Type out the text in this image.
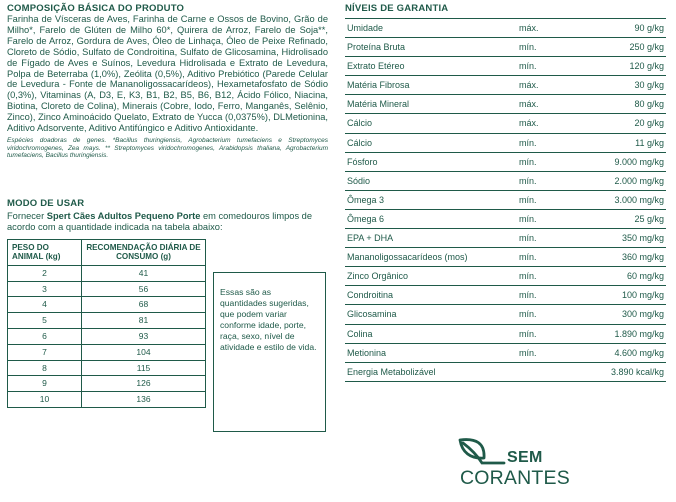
COMPOSIÇÃO BÁSICA DO PRODUTO

Farinha de Vísceras de Aves, Farinha de Carne e Ossos de Bovino, Grão de Milho*, Farelo de Glúten de Milho 60*, Quirera de Arroz, Farelo de Soja**, Farelo de Arroz, Gordura de Aves, Óleo de Linhaça, Óleo de Peixe Refinado, Cloreto de Sódio, Sulfato de Condroitina, Sulfato de Glicosamina, Hidrolisado de Fígado de Aves e Suínos, Levedura Hidrolisada e Extrato de Levedura, Polpa de Beterraba (1,0%), Zeólita (0,5%), Aditivo Prebiótico (Parede Celular de Levedura - Fonte de Mananoligossacarídeos), Hexametafosfato de Sódio (0,3%), Vitaminas (A, D3, E, K3, B1, B2, B5, B6, B12, Ácido Fólico, Niacina, Biotina, Cloreto de Colina), Minerais (Cobre, Iodo, Ferro, Manganês, Selênio, Zinco), Zinco Aminoácido Quelato, Extrato de Yucca (0,0375%), DLMetionina, Aditivo Adsorvente, Aditivo Antifúngico e Aditivo Antioxidante.

Espécies doadoras de genes. *Bacillus thuringiensis, Agrobacterium tumefaciens e Streptomyces viridochromogenes, Zea mays. ** Streptomyces viridochromogenes, Arabidopsis thaliana, Agrobacterium tumefaciens, Bacillus thuringiensis.

MODO DE USAR

Fornecer Spert Cães Adultos Pequeno Porte em comedouros limpos de acordo com a quantidade indicada na tabela abaixo:

PESO DO ANIMAL (kg)	RECOMENDAÇÃO DIÁRIA DE CONSUMO (g)
2	41
3	56
4	68
5	81
6	93
7	104
8	115
9	126
10	136
Essas são as quantidades sugeridas, que podem variar conforme idade, porte, raça, sexo, nível de atividade e estilo de vida.
NÍVEIS DE GARANTIA
Umidade	máx.	90 g/kg
Proteína Bruta	mín.	250 g/kg
Extrato Etéreo	mín.	120 g/kg
Matéria Fibrosa	máx.	30 g/kg
Matéria Mineral	máx.	80 g/kg
Cálcio	máx.	20 g/kg
Cálcio	mín.	11 g/kg
Fósforo	mín.	9.000 mg/kg
Sódio	mín.	2.000 mg/kg
Ômega 3	mín.	3.000 mg/kg
Ômega 6	mín.	25 g/kg
EPA + DHA	mín.	350 mg/kg
Mananoligossacarídeos (mos)	mín.	360 mg/kg
Zinco Orgânico	mín.	60 mg/kg
Condroitina	mín.	100 mg/kg
Glicosamina	mín.	300 mg/kg
Colina	mín.	1.890 mg/kg
Metionina	mín.	4.600 mg/kg
Energia Metabolizável		3.890 kcal/kg
SEM
CORANTES
